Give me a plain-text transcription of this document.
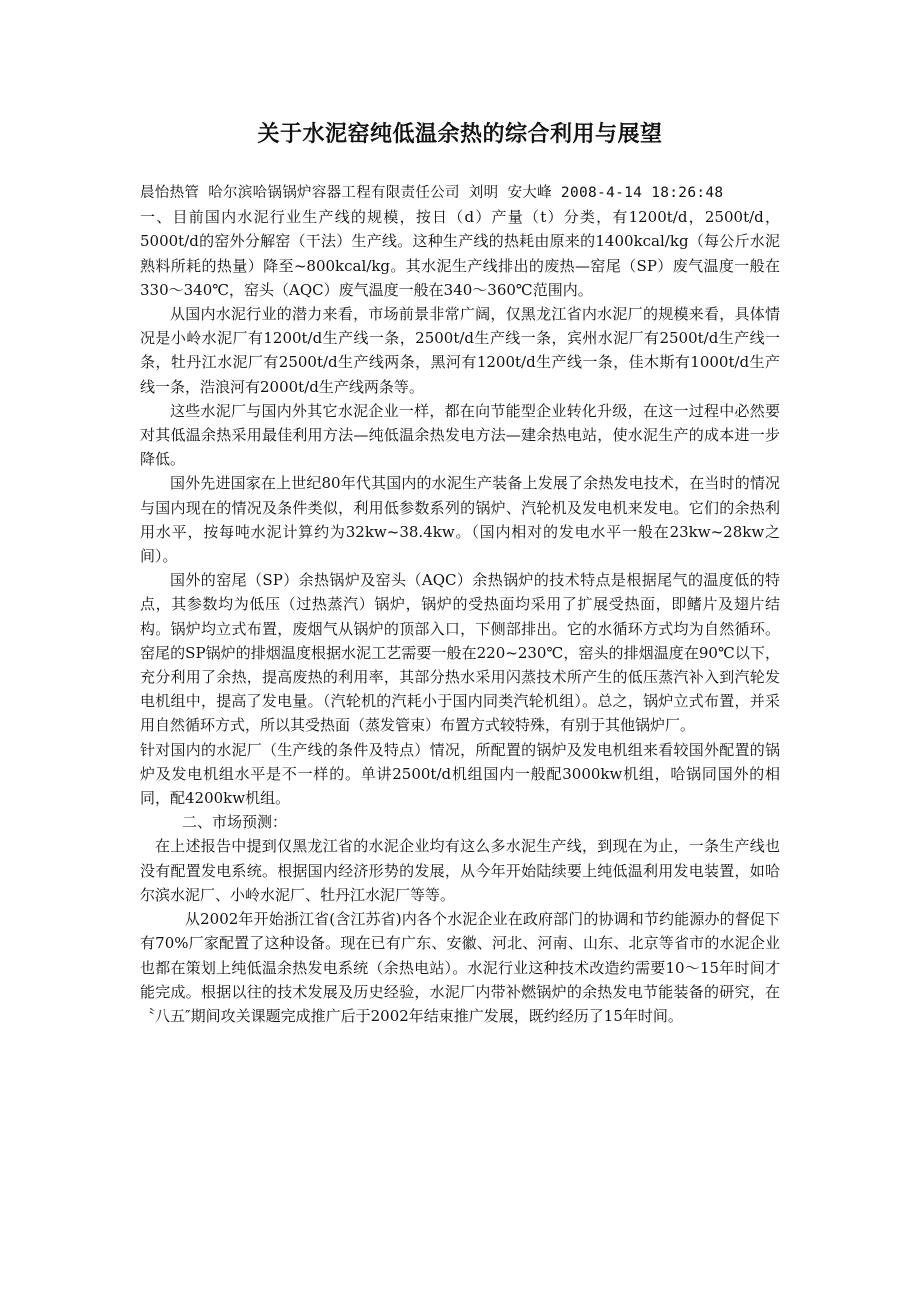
关于水泥窑纯低温余热的综合利用与展望

晨怡热管 哈尔滨哈锅锅炉容器工程有限责任公司 刘明 安大峰 2008-4-14 18:26:48

一、目前国内水泥行业生产线的规模，按日（d）产量（t）分类，有1200t/d，2500t/d，5000t/d的窑外分解窑（干法）生产线。这种生产线的热耗由原来的1400kcal/kg（每公斤水泥熟料所耗的热量）降至~800kcal/kg。其水泥生产线排出的废热—窑尾（SP）废气温度一般在330～340℃，窑头（AQC）废气温度一般在340～360℃范围内。

从国内水泥行业的潜力来看，市场前景非常广阔，仅黑龙江省内水泥厂的规模来看，具体情况是小岭水泥厂有1200t/d生产线一条，2500t/d生产线一条，宾州水泥厂有2500t/d生产线一条，牡丹江水泥厂有2500t/d生产线两条，黑河有1200t/d生产线一条，佳木斯有1000t/d生产线一条，浩浪河有2000t/d生产线两条等。

这些水泥厂与国内外其它水泥企业一样，都在向节能型企业转化升级，在这一过程中必然要对其低温余热采用最佳利用方法—纯低温余热发电方法—建余热电站，使水泥生产的成本进一步降低。

国外先进国家在上世纪80年代其国内的水泥生产装备上发展了余热发电技术，在当时的情况与国内现在的情况及条件类似，利用低参数系列的锅炉、汽轮机及发电机来发电。它们的余热利用水平，按每吨水泥计算约为32kw~38.4kw。（国内相对的发电水平一般在23kw~28kw之间）。

国外的窑尾（SP）余热锅炉及窑头（AQC）余热锅炉的技术特点是根据尾气的温度低的特点，其参数均为低压（过热蒸汽）锅炉，锅炉的受热面均采用了扩展受热面，即鳍片及翅片结构。锅炉均立式布置，废烟气从锅炉的顶部入口，下侧部排出。它的水循环方式均为自然循环。窑尾的SP锅炉的排烟温度根据水泥工艺需要一般在220~230℃，窑头的排烟温度在90℃以下，充分利用了余热，提高废热的利用率，其部分热水采用闪蒸技术所产生的低压蒸汽补入到汽轮发电机组中，提高了发电量。（汽轮机的汽耗小于国内同类汽轮机组）。总之，锅炉立式布置，并采用自然循环方式，所以其受热面（蒸发管束）布置方式较特殊，有别于其他锅炉厂。

针对国内的水泥厂（生产线的条件及特点）情况，所配置的锅炉及发电机组来看较国外配置的锅炉及发电机组水平是不一样的。单讲2500t/d机组国内一般配3000kw机组，哈锅同国外的相同，配4200kw机组。

二、市场预测：

在上述报告中提到仅黑龙江省的水泥企业均有这么多水泥生产线，到现在为止，一条生产线也没有配置发电系统。根据国内经济形势的发展，从今年开始陆续要上纯低温利用发电装置，如哈尔滨水泥厂、小岭水泥厂、牡丹江水泥厂等等。

从2002年开始浙江省(含江苏省)内各个水泥企业在政府部门的协调和节约能源办的督促下有70%厂家配置了这种设备。现在已有广东、安徽、河北、河南、山东、北京等省市的水泥企业也都在策划上纯低温余热发电系统（余热电站）。水泥行业这种技术改造约需要10～15年时间才能完成。根据以往的技术发展及历史经验，水泥厂内带补燃锅炉的余热发电节能装备的研究，在〝八五″期间攻关课题完成推广后于2002年结束推广发展，既约经历了15年时间。
